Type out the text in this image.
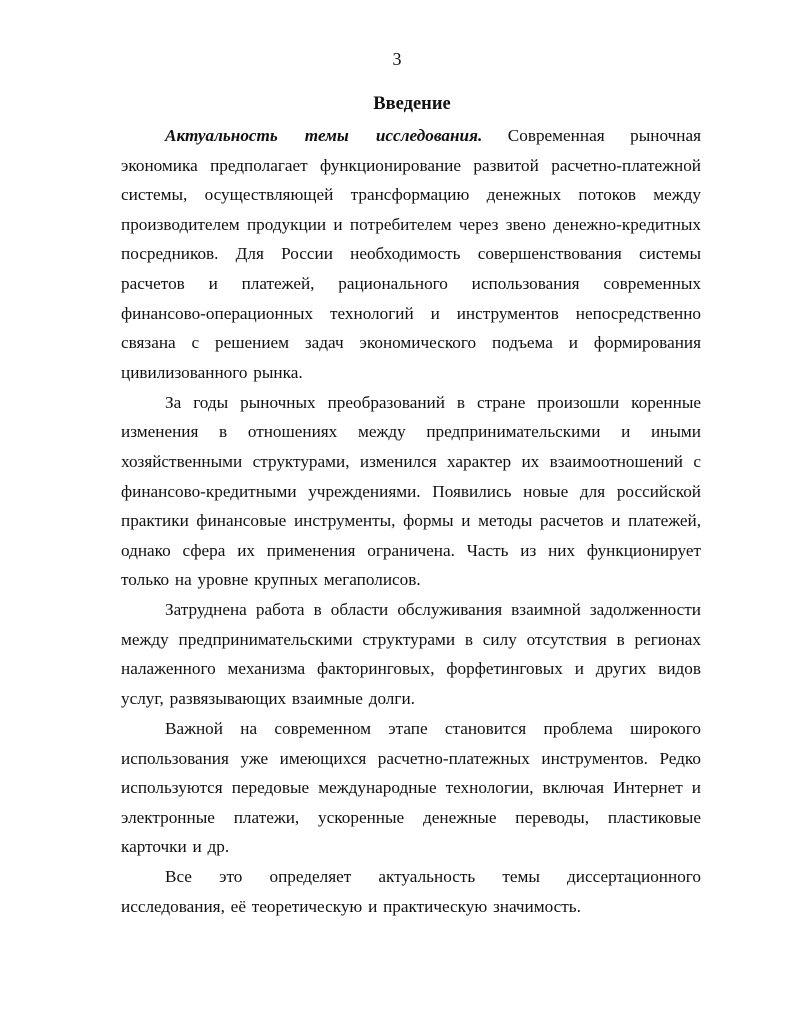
3
Введение

Актуальность темы исследования. Современная рыночная экономика предполагает функционирование развитой расчетно-платежной системы, осуществляющей трансформацию денежных потоков между производителем продукции и потребителем через звено денежно-кредитных посредников. Для России необходимость совершенствования системы расчетов и платежей, рационального использования современных финансово-операционных технологий и инструментов непосредственно связана с решением задач экономического подъема и формирования цивилизованного рынка.

За годы рыночных преобразований в стране произошли коренные изменения в отношениях между предпринимательскими и иными хозяйственными структурами, изменился характер их взаимоотношений с финансово-кредитными учреждениями. Появились новые для российской практики финансовые инструменты, формы и методы расчетов и платежей, однако сфера их применения ограничена. Часть из них функционирует только на уровне крупных мегаполисов.

Затруднена работа в области обслуживания взаимной задолженности между предпринимательскими структурами в силу отсутствия в регионах налаженного механизма факторинговых, форфетинговых и других видов услуг, развязывающих взаимные долги.

Важной на современном этапе становится проблема широкого использования уже имеющихся расчетно-платежных инструментов. Редко используются передовые международные технологии, включая Интернет и электронные платежи, ускоренные денежные переводы, пластиковые карточки и др.

Все это определяет актуальность темы диссертационного исследования, её теоретическую и практическую значимость.
